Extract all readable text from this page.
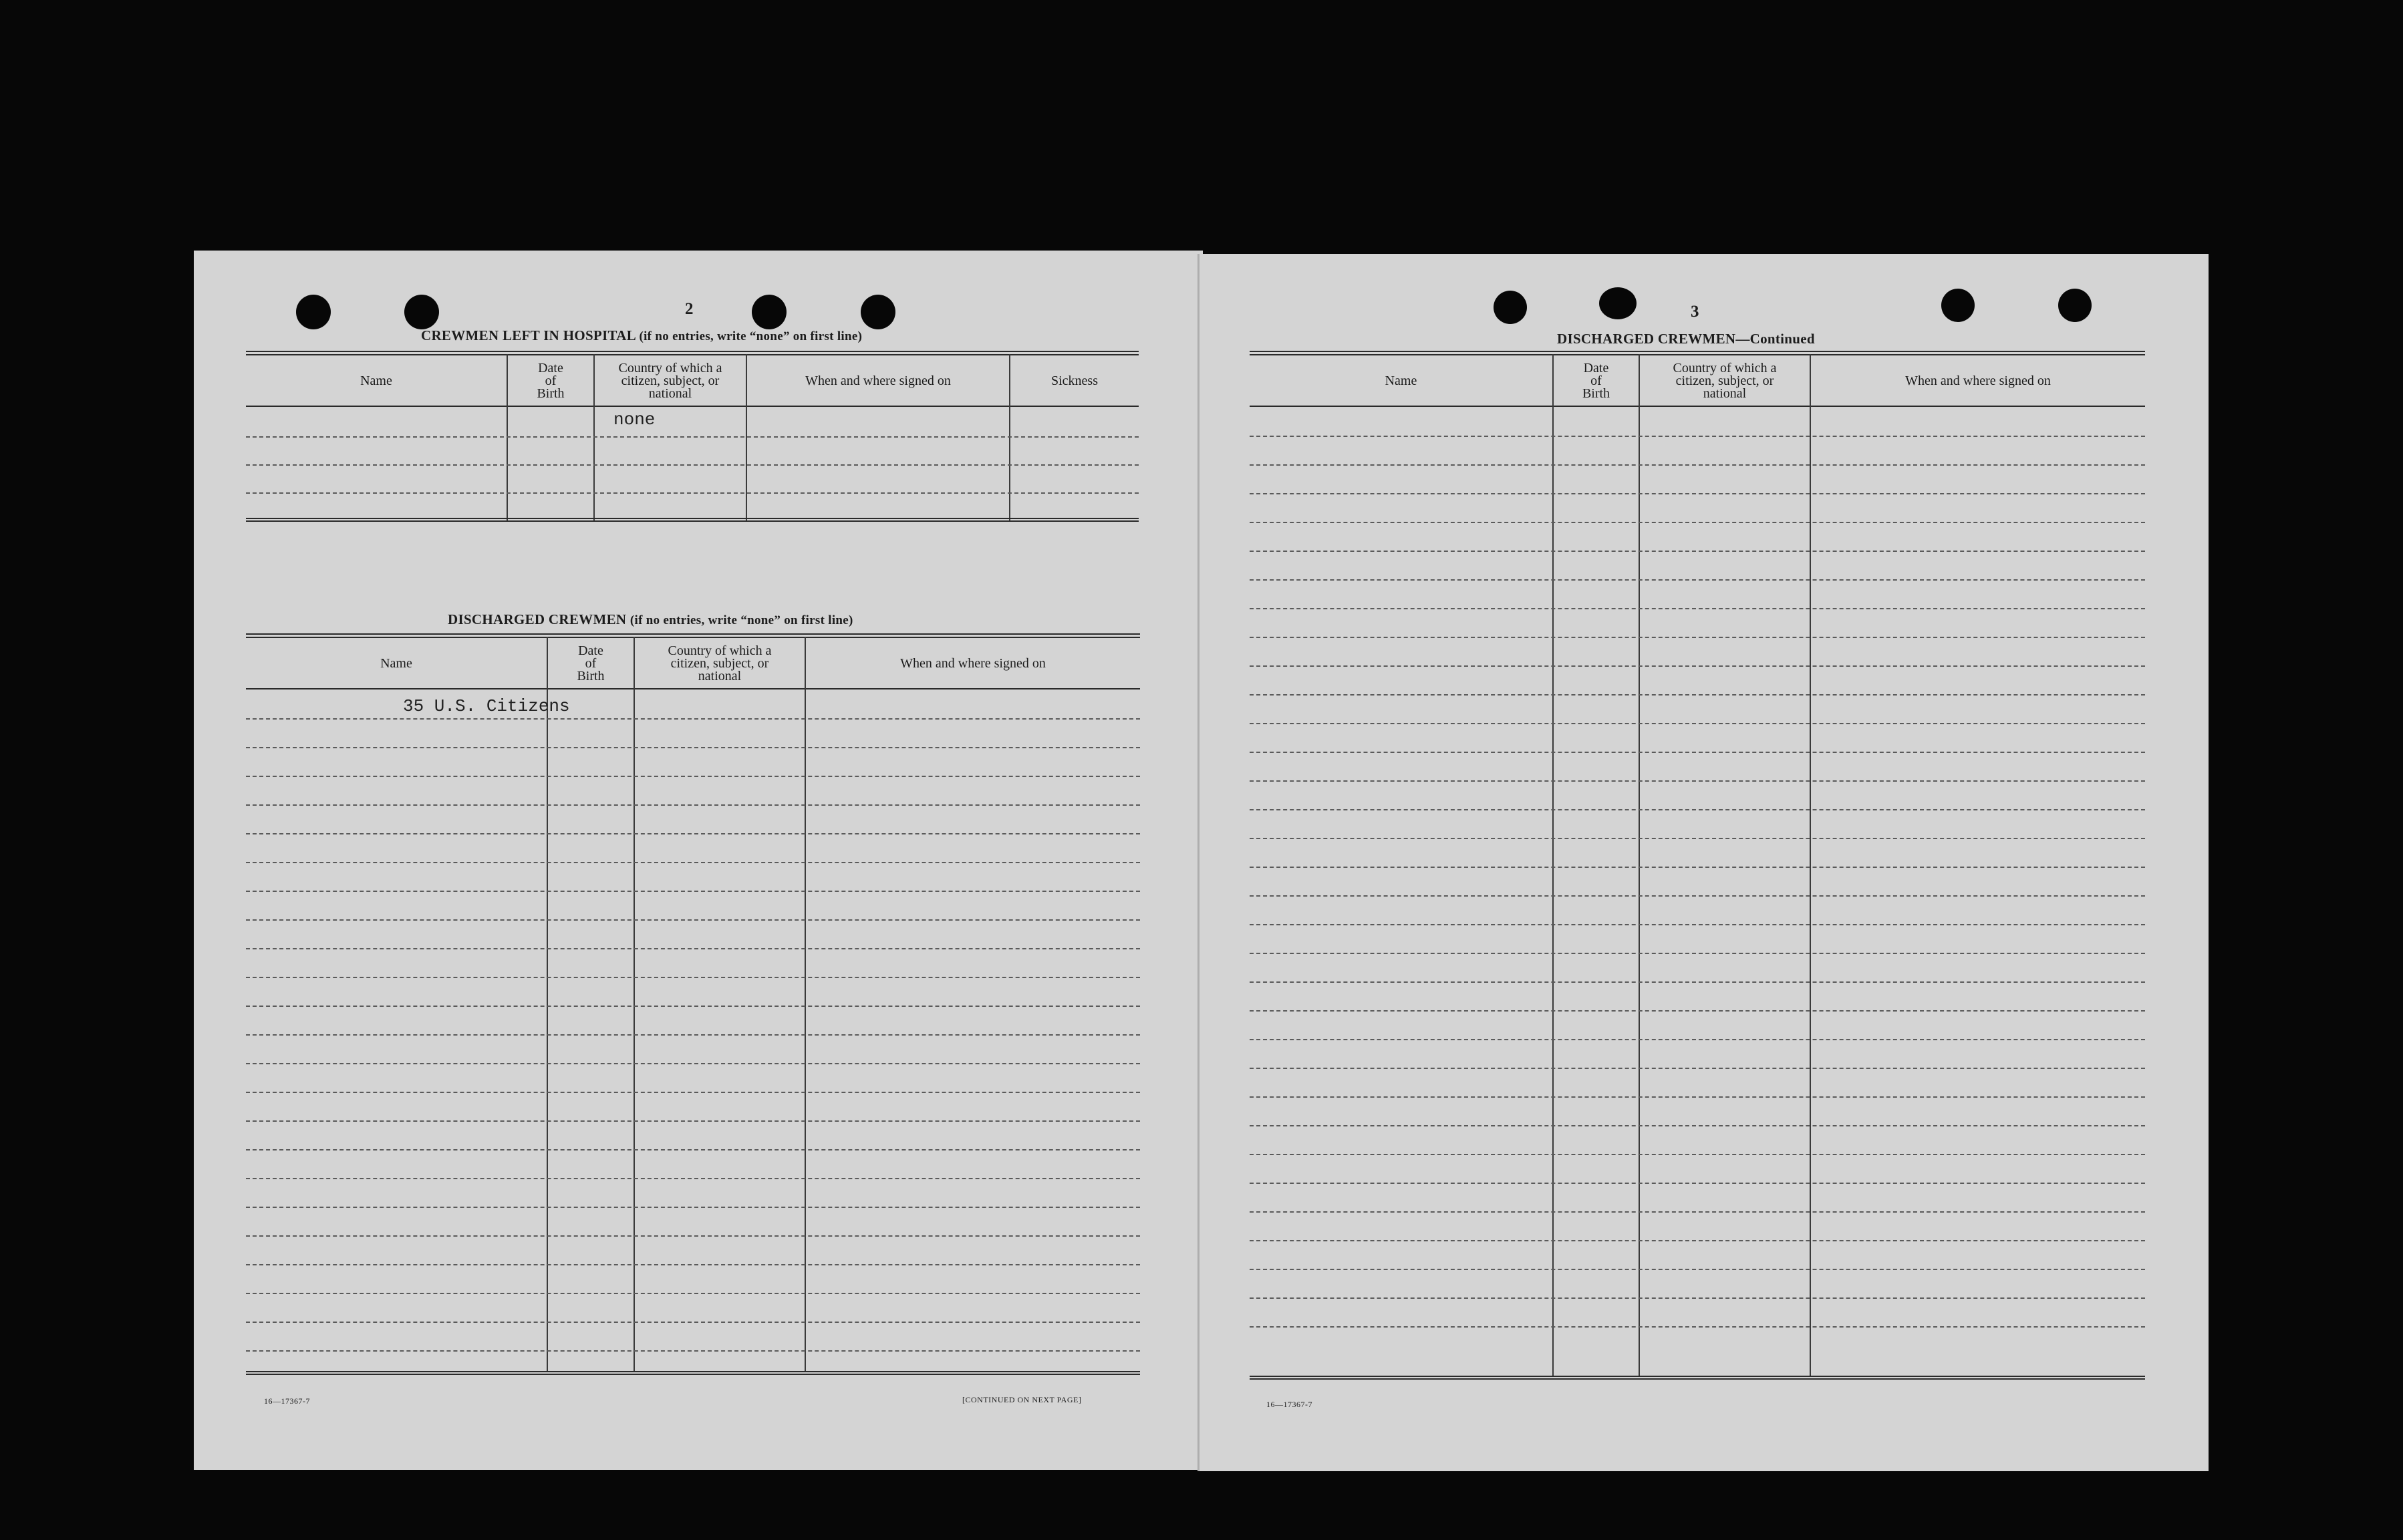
2
CREWMEN LEFT IN HOSPITAL (if no entries, write “none” on first line)
Name
Date
of
Birth
Country of which a
citizen, subject, or
national
When and where signed on	Sickness
none
DISCHARGED CREWMEN (if no entries, write “none” on first line)
Name
Date
of
Birth
Country of which a
citizen, subject, or
national
When and where signed on
35 U.S. Citizens
16—17367-7	[CONTINUED ON NEXT PAGE]
3
DISCHARGED CREWMEN—Continued
Name
Date
of
Birth
Country of which a
citizen, subject, or
national
When and where signed on
16—17367-7
